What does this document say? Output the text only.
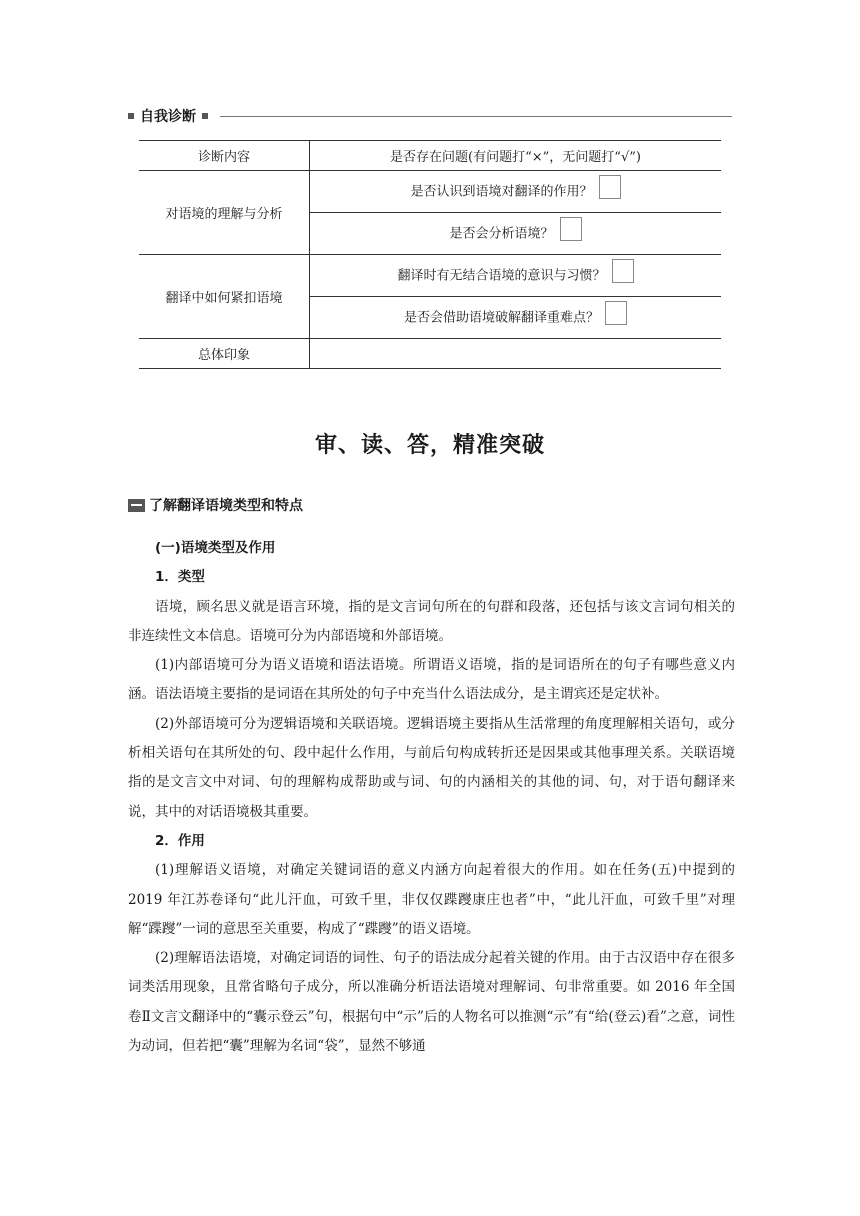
自我诊断
诊断内容	是否存在问题(有问题打“×”，无问题打“√”)
对语境的理解与分析	是否认识到语境对翻译的作用？
	是否会分析语境？
翻译中如何紧扣语境	翻译时有无结合语境的意识与习惯？
	是否会借助语境破解翻译重难点？
总体印象	
审、读、答，精准突破
了解翻译语境类型和特点

(一)语境类型及作用

1．类型

语境，顾名思义就是语言环境，指的是文言词句所在的句群和段落，还包括与该文言词句相关的非连续性文本信息。语境可分为内部语境和外部语境。

(1)内部语境可分为语义语境和语法语境。所谓语义语境，指的是词语所在的句子有哪些意义内涵。语法语境主要指的是词语在其所处的句子中充当什么语法成分，是主谓宾还是定状补。

(2)外部语境可分为逻辑语境和关联语境。逻辑语境主要指从生活常理的角度理解相关语句，或分析相关语句在其所处的句、段中起什么作用，与前后句构成转折还是因果或其他事理关系。关联语境指的是文言文中对词、句的理解构成帮助或与词、句的内涵相关的其他的词、句，对于语句翻译来说，其中的对话语境极其重要。

2．作用

(1)理解语义语境，对确定关键词语的意义内涵方向起着很大的作用。如在任务(五)中提到的 2019 年江苏卷译句“此儿汗血，可致千里，非仅仅蹀躞康庄也者”中，“此儿汗血，可致千里”对理解“蹀躞”一词的意思至关重要，构成了“蹀躞”的语义语境。

(2)理解语法语境，对确定词语的词性、句子的语法成分起着关键的作用。由于古汉语中存在很多词类活用现象，且常省略句子成分，所以准确分析语法语境对理解词、句非常重要。如 2016 年全国卷Ⅱ文言文翻译中的“囊示登云”句，根据句中“示”后的人物名可以推测“示”有“给(登云)看”之意，词性为动词，但若把“囊”理解为名词“袋”，显然不够通
